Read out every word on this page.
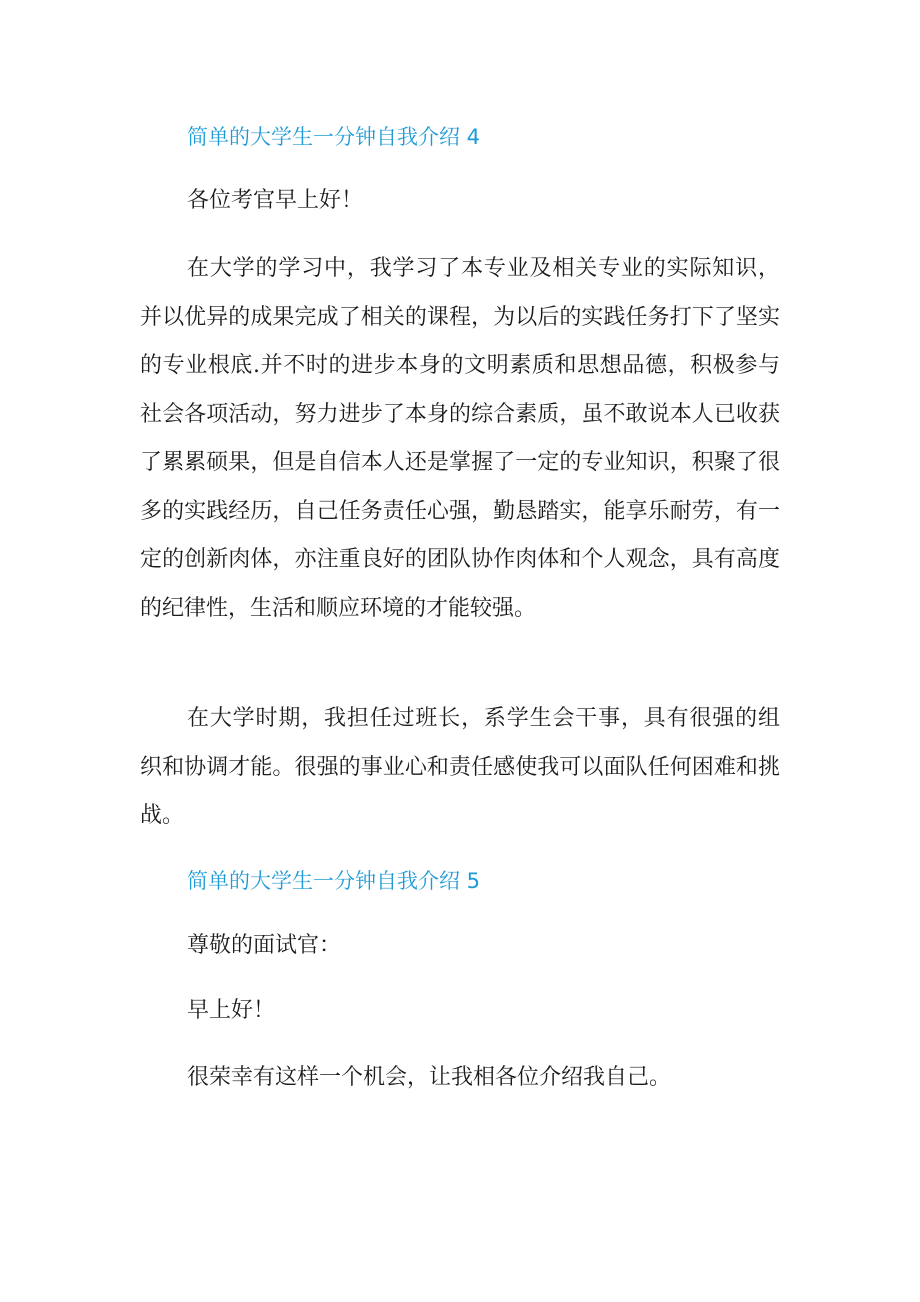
简单的大学生一分钟自我介绍 4
各位考官早上好！

在大学的学习中，我学习了本专业及相关专业的实际知识，并以优异的成果完成了相关的课程，为以后的实践任务打下了坚实的专业根底.并不时的进步本身的文明素质和思想品德，积极参与社会各项活动，努力进步了本身的综合素质，虽不敢说本人已收获了累累硕果，但是自信本人还是掌握了一定的专业知识，积聚了很多的实践经历，自己任务责任心强，勤恳踏实，能享乐耐劳，有一定的创新肉体，亦注重良好的团队协作肉体和个人观念，具有高度的纪律性，生活和顺应环境的才能较强。

在大学时期，我担任过班长，系学生会干事，具有很强的组织和协调才能。很强的事业心和责任感使我可以面队任何困难和挑战。

简单的大学生一分钟自我介绍 5
尊敬的面试官：
早上好！
很荣幸有这样一个机会，让我相各位介绍我自己。
